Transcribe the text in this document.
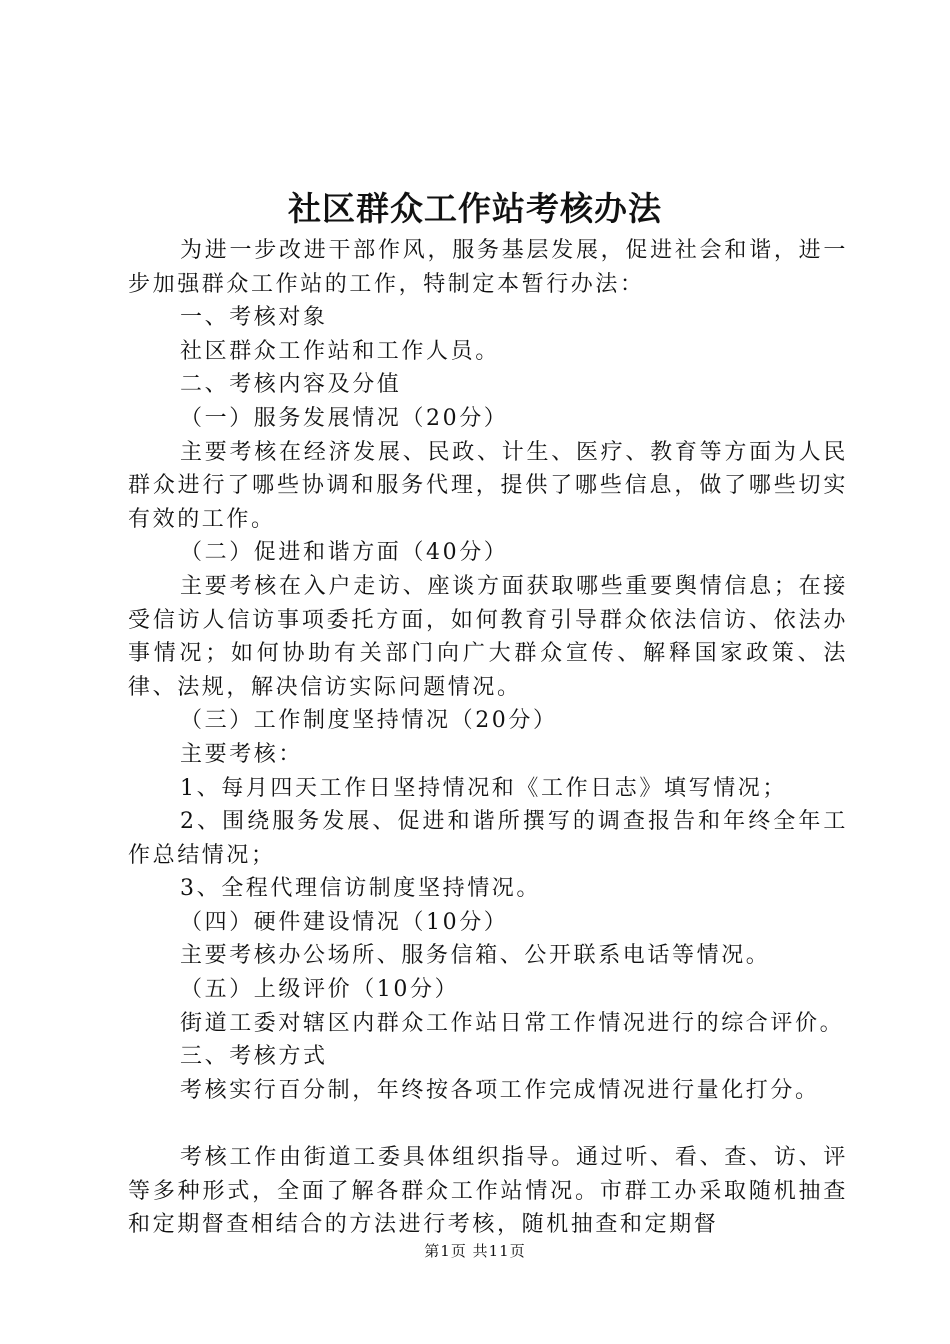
社区群众工作站考核办法

为进一步改进干部作风，服务基层发展，促进社会和谐，进一步加强群众工作站的工作，特制定本暂行办法：

一、考核对象

社区群众工作站和工作人员。

二、考核内容及分值

（一）服务发展情况（20分）

主要考核在经济发展、民政、计生、医疗、教育等方面为人民群众进行了哪些协调和服务代理，提供了哪些信息，做了哪些切实有效的工作。

（二）促进和谐方面（40分）

主要考核在入户走访、座谈方面获取哪些重要舆情信息；在接受信访人信访事项委托方面，如何教育引导群众依法信访、依法办事情况；如何协助有关部门向广大群众宣传、解释国家政策、法律、法规，解决信访实际问题情况。

（三）工作制度坚持情况（20分）

主要考核：

1、每月四天工作日坚持情况和《工作日志》填写情况；

2、围绕服务发展、促进和谐所撰写的调查报告和年终全年工作总结情况；

3、全程代理信访制度坚持情况。

（四）硬件建设情况（10分）

主要考核办公场所、服务信箱、公开联系电话等情况。

（五）上级评价（10分）

街道工委对辖区内群众工作站日常工作情况进行的综合评价。

三、考核方式

考核实行百分制，年终按各项工作完成情况进行量化打分。

考核工作由街道工委具体组织指导。通过听、看、查、访、评等多种形式，全面了解各群众工作站情况。市群工办采取随机抽查和定期督查相结合的方法进行考核，随机抽查和定期督

第1页 共11页
